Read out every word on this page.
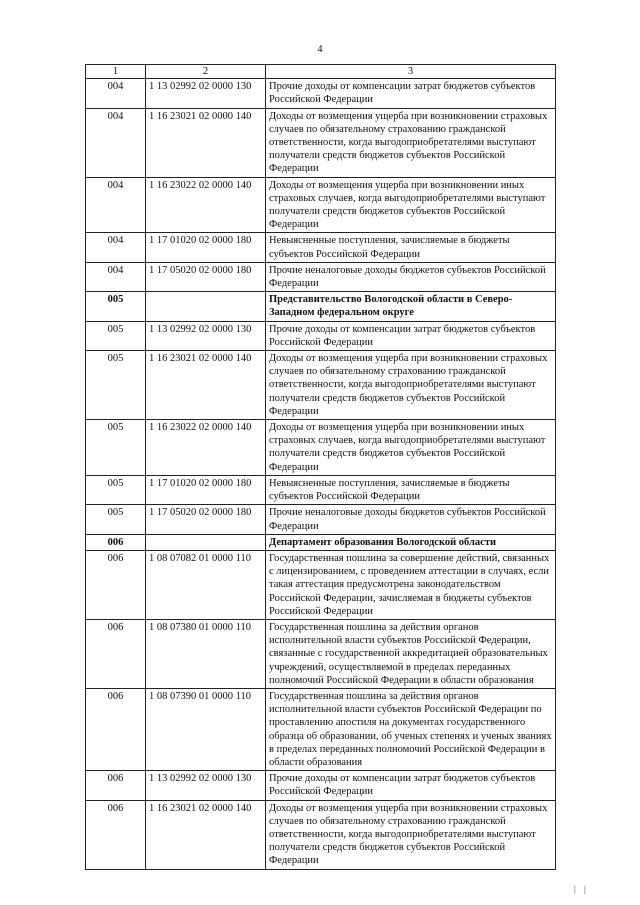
4
1	2	3
004	1 13 02992 02 0000 130	Прочие доходы от компенсации затрат бюджетов субъектов Российской Федерации
004	1 16 23021 02 0000 140	Доходы от возмещения ущерба при возникновении страховых случаев по обязательному страхованию гражданской ответственности, когда выгодоприобретателями выступают получатели средств бюджетов субъектов Российской Федерации
004	1 16 23022 02 0000 140	Доходы от возмещения ущерба при возникновении иных страховых случаев, когда выгодоприобретателями выступают получатели средств бюджетов субъектов Российской Федерации
004	1 17 01020 02 0000 180	Невыясненные поступления, зачисляемые в бюджеты субъектов Российской Федерации
004	1 17 05020 02 0000 180	Прочие неналоговые доходы бюджетов субъектов Российской Федерации
005		Представительство Вологодской области в Северо-Западном федеральном округе
005	1 13 02992 02 0000 130	Прочие доходы от компенсации затрат бюджетов субъектов Российской Федерации
005	1 16 23021 02 0000 140	Доходы от возмещения ущерба при возникновении страховых случаев по обязательному страхованию гражданской ответственности, когда выгодоприобретателями выступают получатели средств бюджетов субъектов Российской Федерации
005	1 16 23022 02 0000 140	Доходы от возмещения ущерба при возникновении иных страховых случаев, когда выгодоприобретателями выступают получатели средств бюджетов субъектов Российской Федерации
005	1 17 01020 02 0000 180	Невыясненные поступления, зачисляемые в бюджеты субъектов Российской Федерации
005	1 17 05020 02 0000 180	Прочие неналоговые доходы бюджетов субъектов Российской Федерации
006		Департамент образования Вологодской области
006	1 08 07082 01 0000 110	Государственная пошлина за совершение действий, связанных с лицензированием, с проведением аттестации в случаях, если такая аттестация предусмотрена законодательством Российской Федерации, зачисляемая в бюджеты субъектов Российской Федерации
006	1 08 07380 01 0000 110	Государственная пошлина за действия органов исполнительной власти субъектов Российской Федерации, связанные с государственной аккредитацией образовательных учреждений, осуществляемой в пределах переданных полномочий Российской Федерации в области образования
006	1 08 07390 01 0000 110	Государственная пошлина за действия органов исполнительной власти субъектов Российской Федерации по проставлению апостиля на документах государственного образца об образовании, об ученых степенях и ученых званиях в пределах переданных полномочий Российской Федерации в области образования
006	1 13 02992 02 0000 130	Прочие доходы от компенсации затрат бюджетов субъектов Российской Федерации
006	1 16 23021 02 0000 140	Доходы от возмещения ущерба при возникновении страховых случаев по обязательному страхованию гражданской ответственности, когда выгодоприобретателями выступают получатели средств бюджетов субъектов Российской Федерации
| |
